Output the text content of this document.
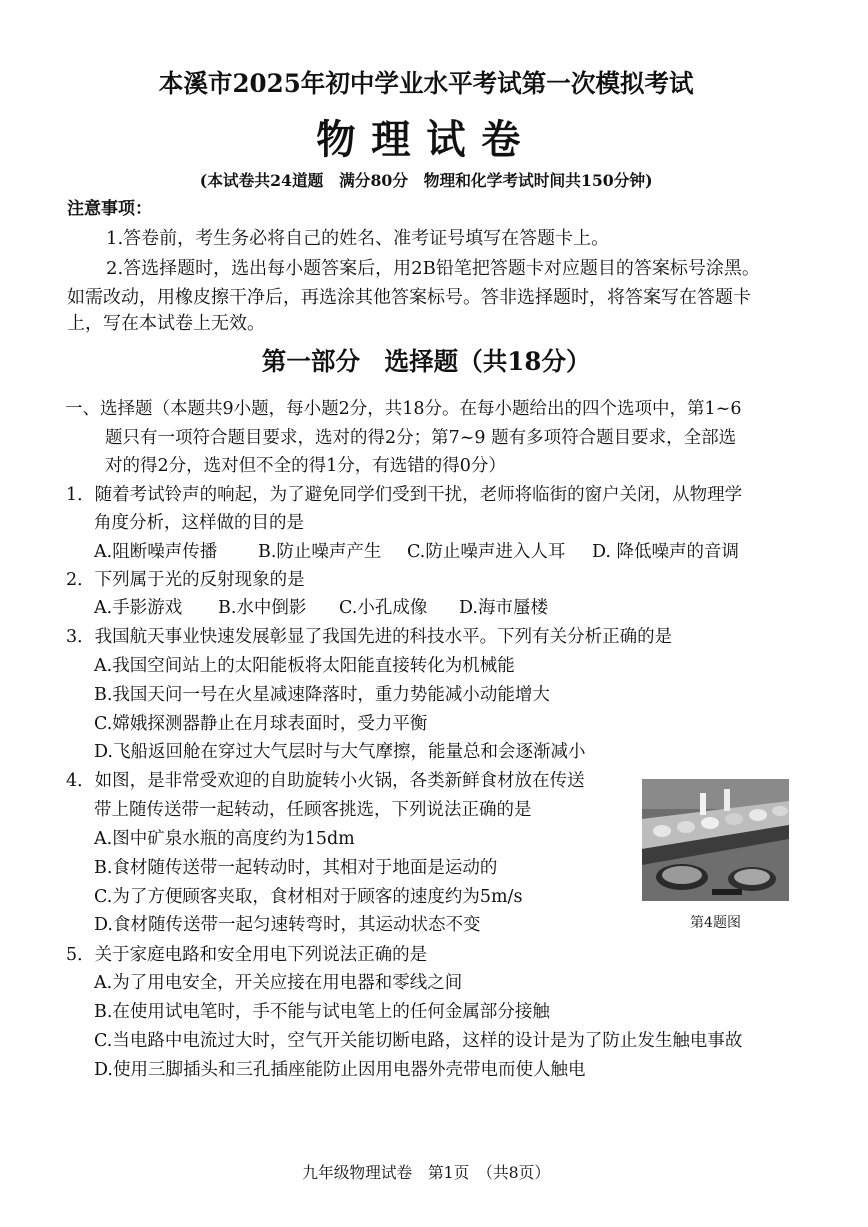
本溪市2025年初中学业水平考试第一次模拟考试
物理试卷
(本试卷共24道题　满分80分　物理和化学考试时间共150分钟)
注意事项：
1.答卷前，考生务必将自己的姓名、准考证号填写在答题卡上。
2.答选择题时，选出每小题答案后，用2B铅笔把答题卡对应题目的答案标号涂黑。
如需改动，用橡皮擦干净后，再选涂其他答案标号。答非选择题时，将答案写在答题卡
上，写在本试卷上无效。
第一部分　选择题（共18分）
一、选择题（本题共9小题，每小题2分，共18分。在每小题给出的四个选项中，第1~6
题只有一项符合题目要求，选对的得2分；第7~9 题有多项符合题目要求，全部选
对的得2分，选对但不全的得1分，有选错的得0分）
1．随着考试铃声的响起，为了避免同学们受到干扰，老师将临街的窗户关闭，从物理学
角度分析，这样做的目的是
A.阻断噪声传播 B.防止噪声产生 C.防止噪声进入人耳 D. 降低噪声的音调
2．下列属于光的反射现象的是
A.手影游戏 B.水中倒影 C.小孔成像 D.海市蜃楼
3．我国航天事业快速发展彰显了我国先进的科技水平。下列有关分析正确的是
A.我国空间站上的太阳能板将太阳能直接转化为机械能
B.我国天问一号在火星减速降落时，重力势能减小动能增大
C.嫦娥探测器静止在月球表面时，受力平衡
D.飞船返回舱在穿过大气层时与大气摩擦，能量总和会逐渐减小
4．如图，是非常受欢迎的自助旋转小火锅，各类新鲜食材放在传送
带上随传送带一起转动，任顾客挑选，下列说法正确的是
A.图中矿泉水瓶的高度约为15dm
B.食材随传送带一起转动时，其相对于地面是运动的
C.为了方便顾客夹取，食材相对于顾客的速度约为5m/s
D.食材随传送带一起匀速转弯时，其运动状态不变	第4题图
5．关于家庭电路和安全用电下列说法正确的是
A.为了用电安全，开关应接在用电器和零线之间
B.在使用试电笔时，手不能与试电笔上的任何金属部分接触
C.当电路中电流过大时，空气开关能切断电路，这样的设计是为了防止发生触电事故
D.使用三脚插头和三孔插座能防止因用电器外壳带电而使人触电
九年级物理试卷　第1页　（共8页）
